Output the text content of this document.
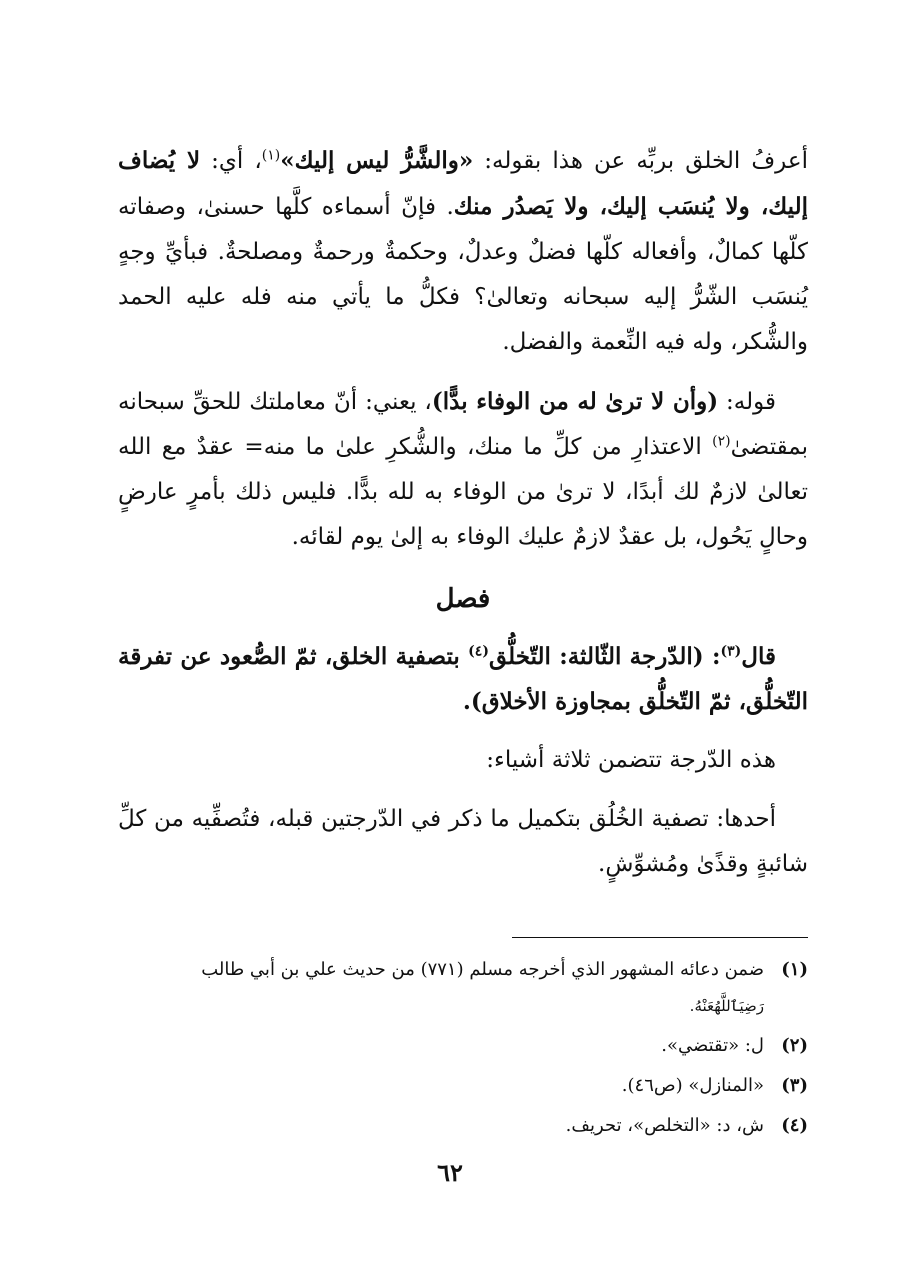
أعرفُ الخلق بربِّه عن هذا بقوله: «والشَّرُّ ليس إليك»$^{(١)}$، أي: لا يُضاف إليك، ولا يُنسَب إليك، ولا يَصدُر منك. فإنّ أسماءه كلَّها حسنىٰ، وصفاته كلّها كمالٌ، وأفعاله كلّها فضلٌ وعدلٌ، وحكمةٌ ورحمةٌ ومصلحةٌ. فبأيِّ وجهٍ يُنسَب الشّرُّ إليه سبحانه وتعالىٰ؟ فكلُّ ما يأتي منه فله عليه الحمد والشُّكر، وله فيه النِّعمة والفضل.

قوله: (وأن لا ترىٰ له من الوفاء بدًّا)، يعني: أنّ معاملتك للحقِّ سبحانه بمقتضىٰ$^{(٢)}$ الاعتذارِ من كلِّ ما منك، والشُّكرِ علىٰ ما منه= عقدٌ مع الله تعالىٰ لازمٌ لك أبدًا، لا ترىٰ من الوفاء به لله بدًّا. فليس ذلك بأمرٍ عارضٍ وحالٍ يَحُول، بل عقدٌ لازمٌ عليك الوفاء به إلىٰ يوم لقائه.

فصل

قال$^{(٣)}$: (الدّرجة الثّالثة: التّخلُّق$^{(٤)}$ بتصفية الخلق، ثمّ الصُّعود عن تفرقة التّخلُّق، ثمّ التّخلُّق بمجاوزة الأخلاق).

هذه الدّرجة تتضمن ثلاثة أشياء:

أحدها: تصفية الخُلُق بتكميل ما ذكر في الدّرجتين قبله، فتُصفِّيه من كلِّ شائبةٍ وقذًىٰ ومُشوِّشٍ.

(١)
ضمن دعائه المشهور الذي أخرجه مسلم (٧٧١) من حديث علي بن أبي طالب
رَضِيَٱللَّهُعَنْهُ.
(٢)
ل: «تقتضي».
(٣)
«المنازل» (ص٤٦).
(٤)
ش، د: «التخلص»، تحريف.
٦٢
